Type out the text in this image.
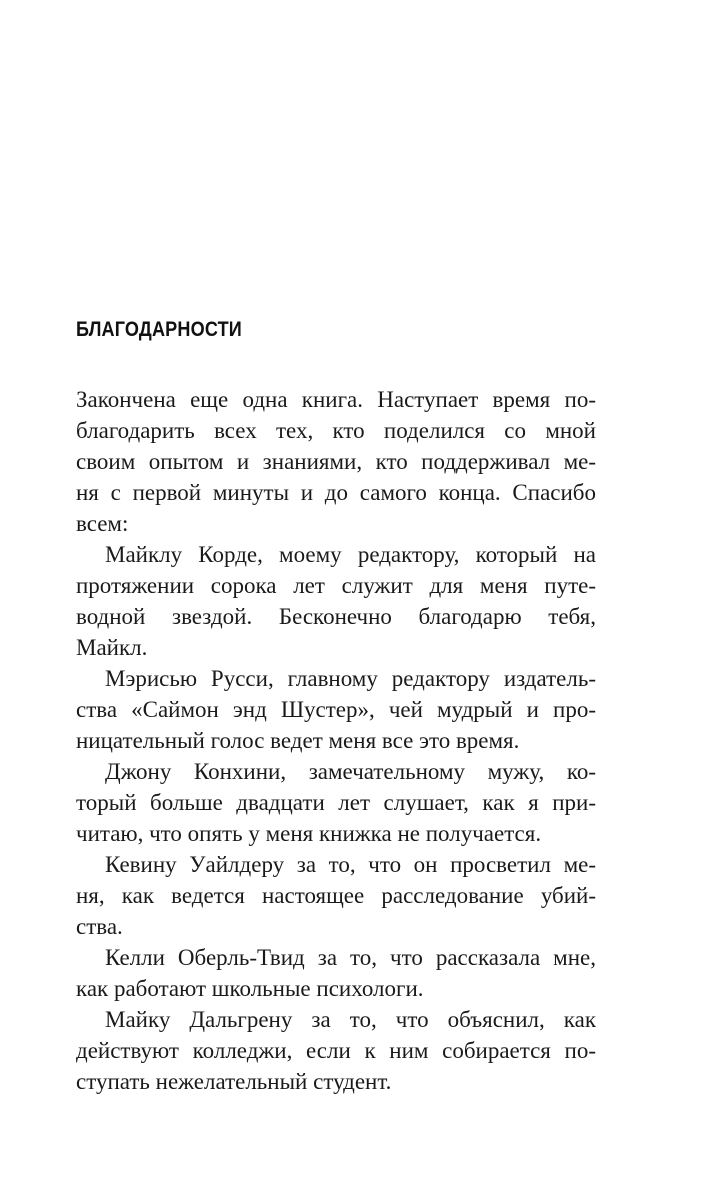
БЛАГОДАРНОСТИ
Закончена еще одна книга. Наступает время по-
благодарить всех тех, кто поделился со мной
своим опытом и знаниями, кто поддерживал ме-
ня с первой минуты и до самого конца. Спасибо
всем:
Майклу Корде, моему редактору, который на
протяжении сорока лет служит для меня путе-
водной звездой. Бесконечно благодарю тебя,
Майкл.
Мэрисью Русси, главному редактору издатель-
ства «Саймон энд Шустер», чей мудрый и про-
ницательный голос ведет меня все это время.
Джону Конхини, замечательному мужу, ко-
торый больше двадцати лет слушает, как я при-
читаю, что опять у меня книжка не получается.
Кевину Уайлдеру за то, что он просветил ме-
ня, как ведется настоящее расследование убий-
ства.
Келли Оберль-Твид за то, что рассказала мне,
как работают школьные психологи.
Майку Дальгрену за то, что объяснил, как
действуют колледжи, если к ним собирается по-
ступать нежелательный студент.
